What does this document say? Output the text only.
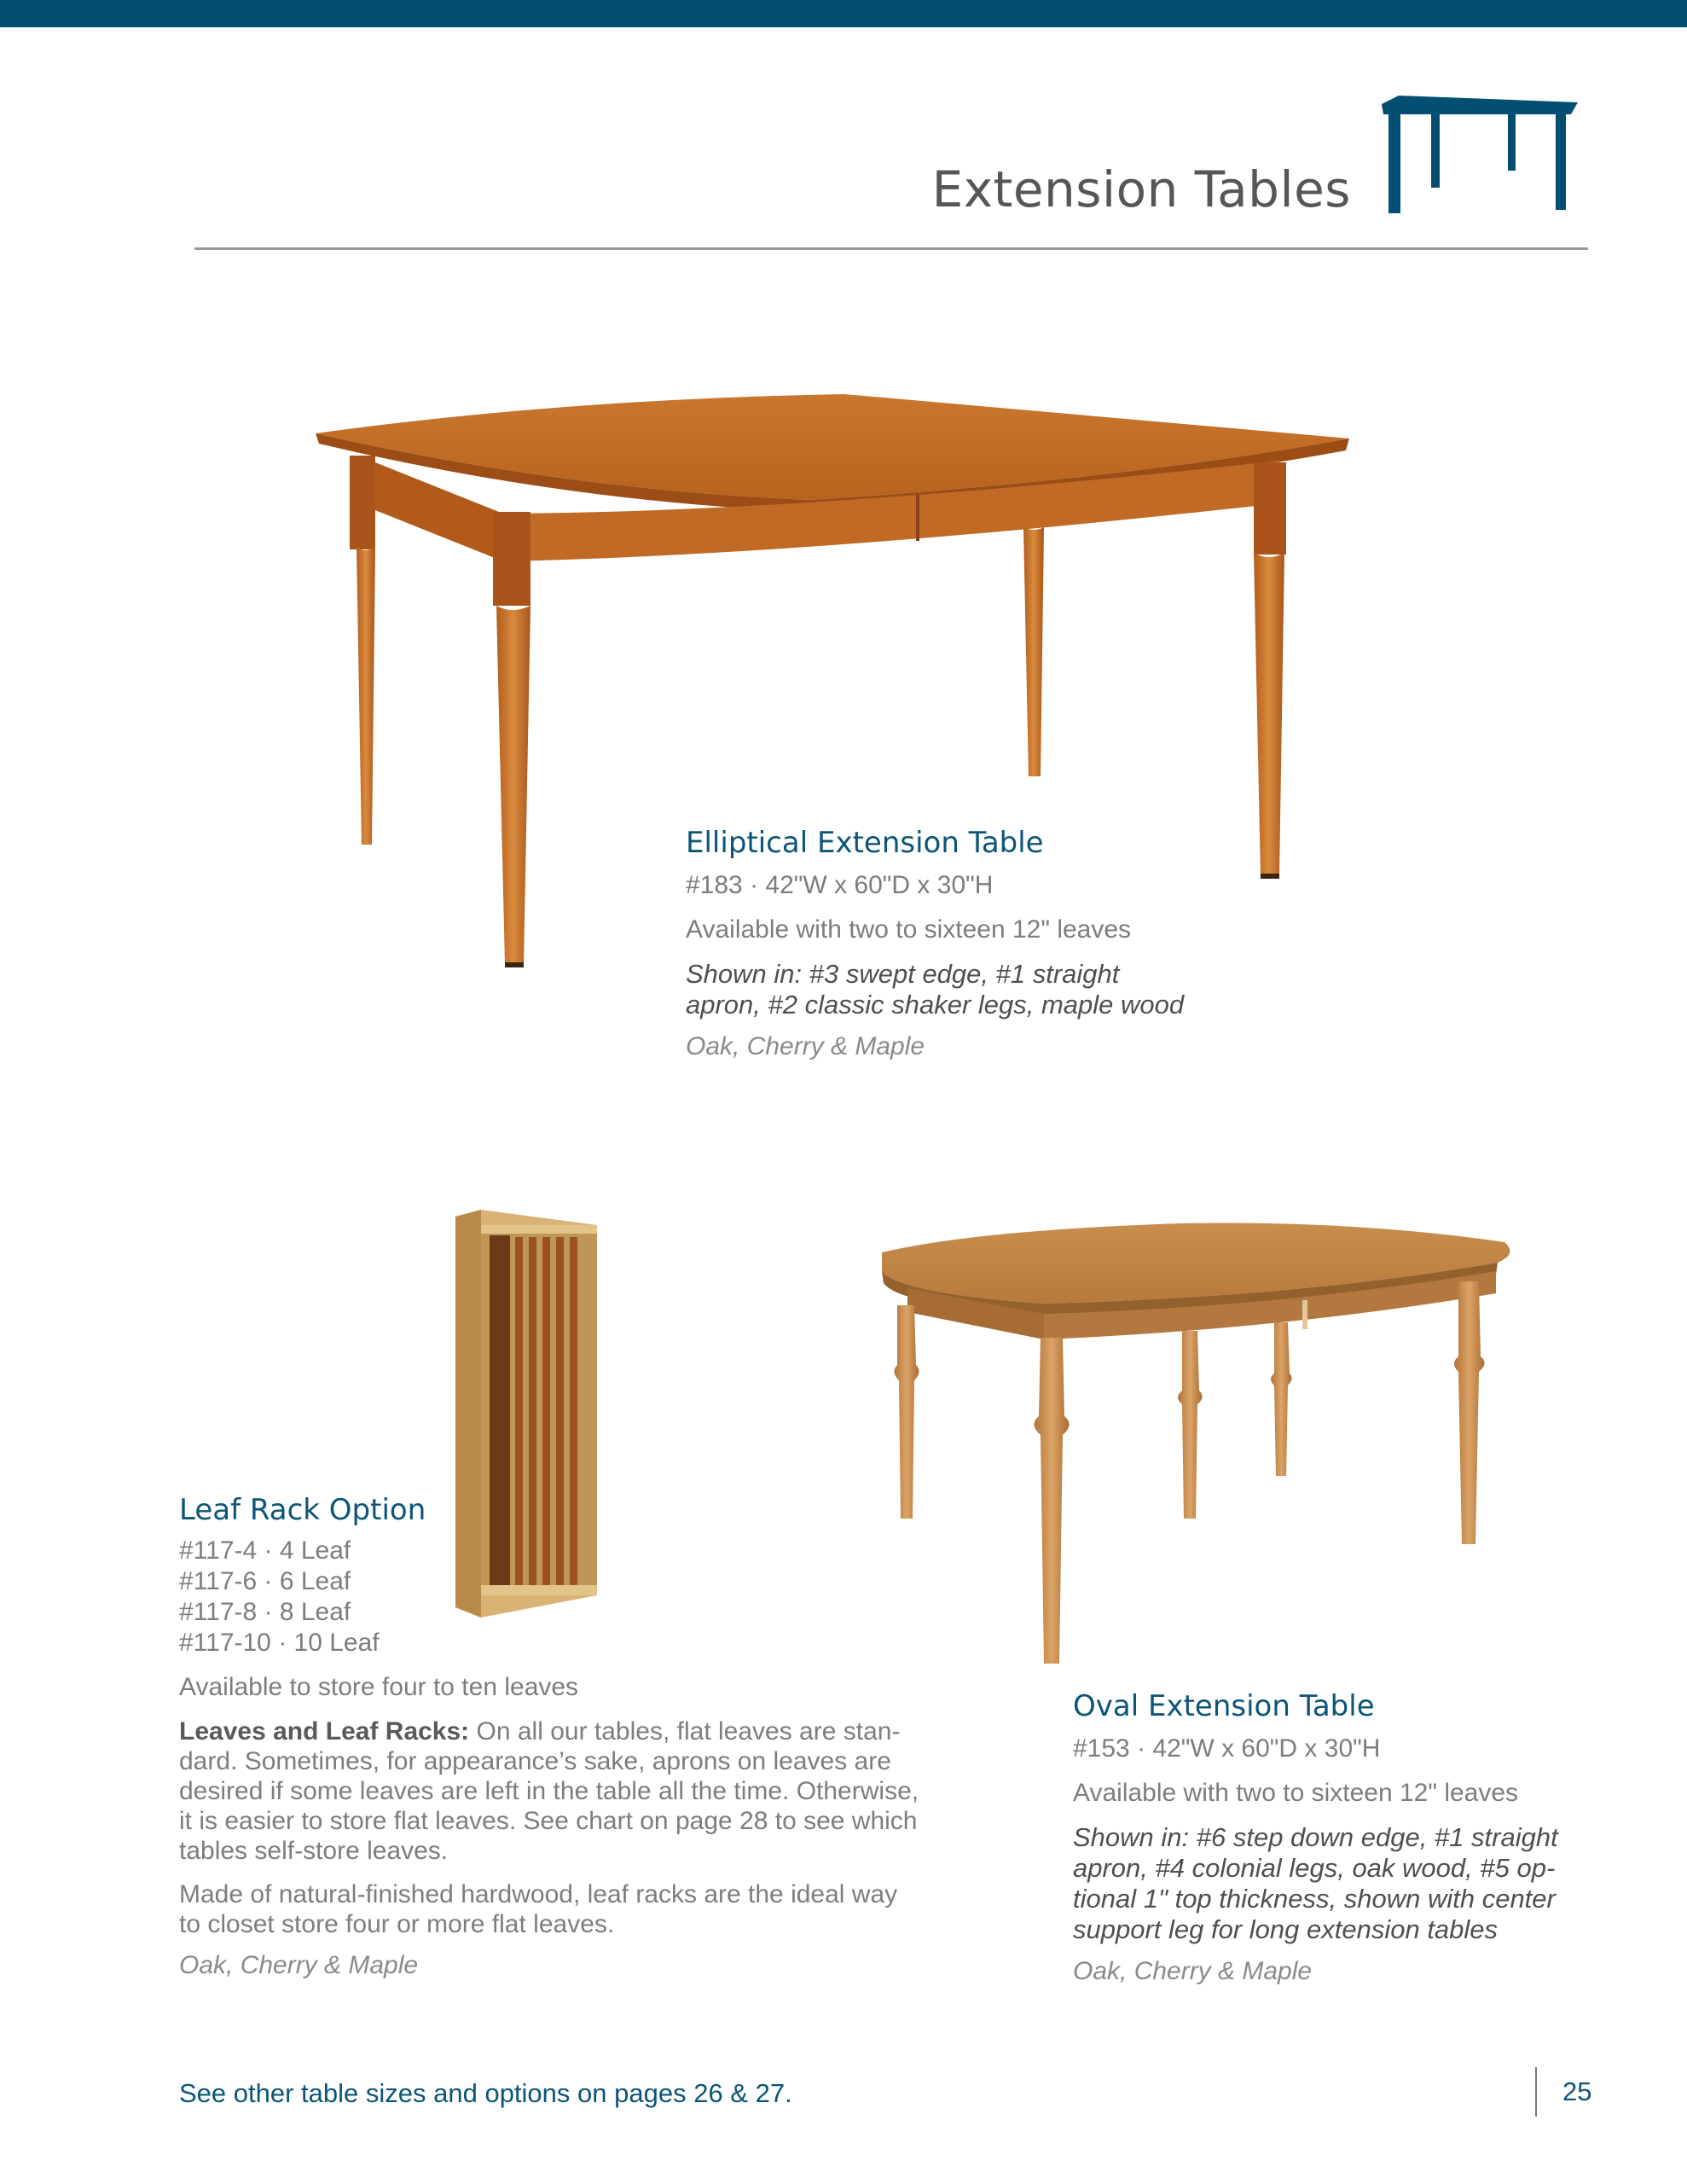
Extension Tables

Elliptical Extension Table

#183 · 42"W x 60"D x 30"H

Available with two to sixteen 12" leaves

Shown in: #3 swept edge, #1 straight

apron, #2 classic shaker legs, maple wood

Oak, Cherry & Maple

Leaf Rack Option

#117-4 · 4 Leaf

#117-6 · 6 Leaf

#117-8 · 8 Leaf

#117-10 · 10 Leaf

Available to store four to ten leaves

Leaves and Leaf Racks: On all our tables, flat leaves are stan-
dard. Sometimes, for appearance’s sake, aprons on leaves are
desired if some leaves are left in the table all the time. Otherwise,
it is easier to store flat leaves. See chart on page 28 to see which
tables self-store leaves.
Made of natural-finished hardwood, leaf racks are the ideal way
to closet store four or more flat leaves.

Oak, Cherry & Maple

Oval Extension Table

#153 · 42"W x 60"D x 30"H

Available with two to sixteen 12" leaves

Shown in: #6 step down edge, #1 straight

apron, #4 colonial legs, oak wood, #5 op-

tional 1" top thickness, shown with center

support leg for long extension tables

Oak, Cherry & Maple

See other table sizes and options on pages 26 & 27.	25
